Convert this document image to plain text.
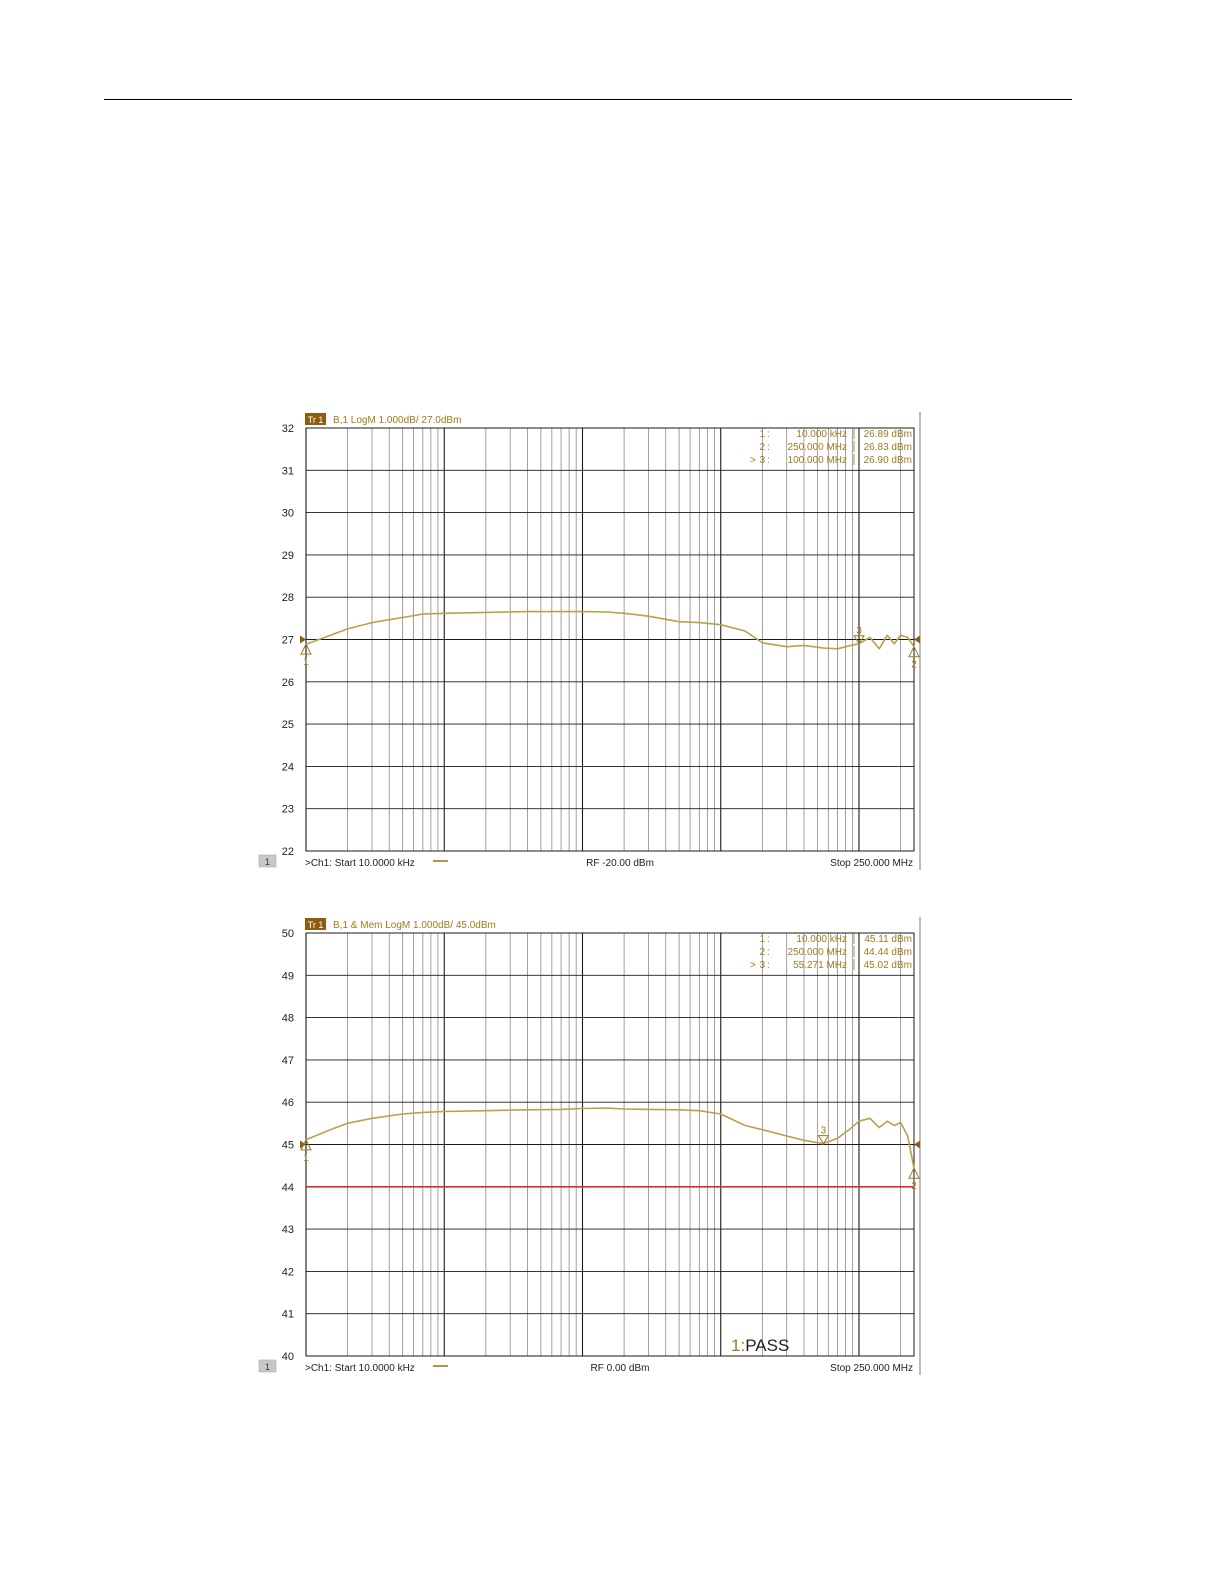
32
31
30
29
28
27
26
25
24
23
22
1	2
3
1 :	10.000 kHz 26.89 dBm
2 : 250.000 MHz 26.83 dBm
> 3 : 100.000 MHz 26.90 dBm
Tr 1 B,1 LogM 1.000dB/ 27.0dBm
1	>Ch1: Start 10.0000 kHz	RF -20.00 dBm	Stop 250.000 MHz
50
49
48
47
46
45
44
43
42
41
40
1
2
3
1 :	10.000 kHz 45.11 dBm
2 : 250.000 MHz 44.44 dBm
> 3 : 55.271 MHz 45.02 dBm
Tr 1 B,1 & Mem LogM 1.000dB/ 45.0dBm
1:PASS
1	>Ch1: Start 10.0000 kHz	RF 0.00 dBm	Stop 250.000 MHz
